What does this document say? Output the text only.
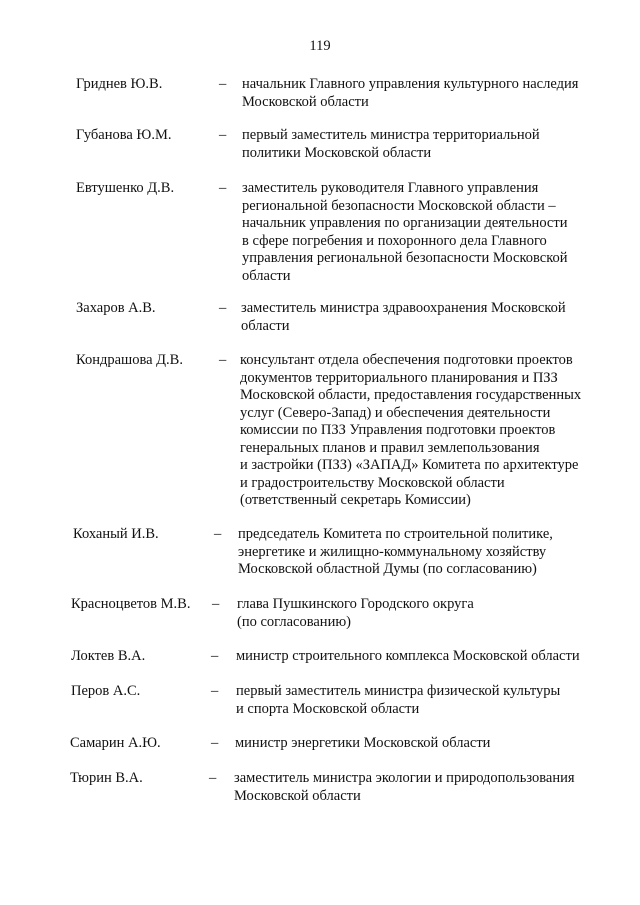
119
Гриднев Ю.В.	– начальник Главного управления культурного наследия
Московской области

Губанова Ю.М.	– первый заместитель министра территориальной
политики Московской области

Евтушенко Д.В.	– заместитель руководителя Главного управления
региональной безопасности Московской области –
начальник управления по организации деятельности
в сфере погребения и похоронного дела Главного
управления региональной безопасности Московской
области

Захаров А.В.	– заместитель министра здравоохранения Московской
области

Кондрашова Д.В. – консультант отдела обеспечения подготовки проектов
документов территориального планирования и ПЗЗ
Московской области, предоставления государственных
услуг (Северо-Запад) и обеспечения деятельности
комиссии по ПЗЗ Управления подготовки проектов
генеральных планов и правил землепользования
и застройки (ПЗЗ) «ЗАПАД» Комитета по архитектуре
и градостроительству Московской области
(ответственный секретарь Комиссии)

Коханый И.В.	– председатель Комитета по строительной политике,
энергетике и жилищно-коммунальному хозяйству
Московской областной Думы (по согласованию)

Красноцветов М.В. – глава Пушкинского Городского округа
(по согласованию)

Локтев В.А.	– министр строительного комплекса Московской области

Перов А.С.	– первый заместитель министра физической культуры
и спорта Московской области

Самарин А.Ю.	– министр энергетики Московской области

Тюрин В.А.	– заместитель министра экологии и природопользования
Московской области
